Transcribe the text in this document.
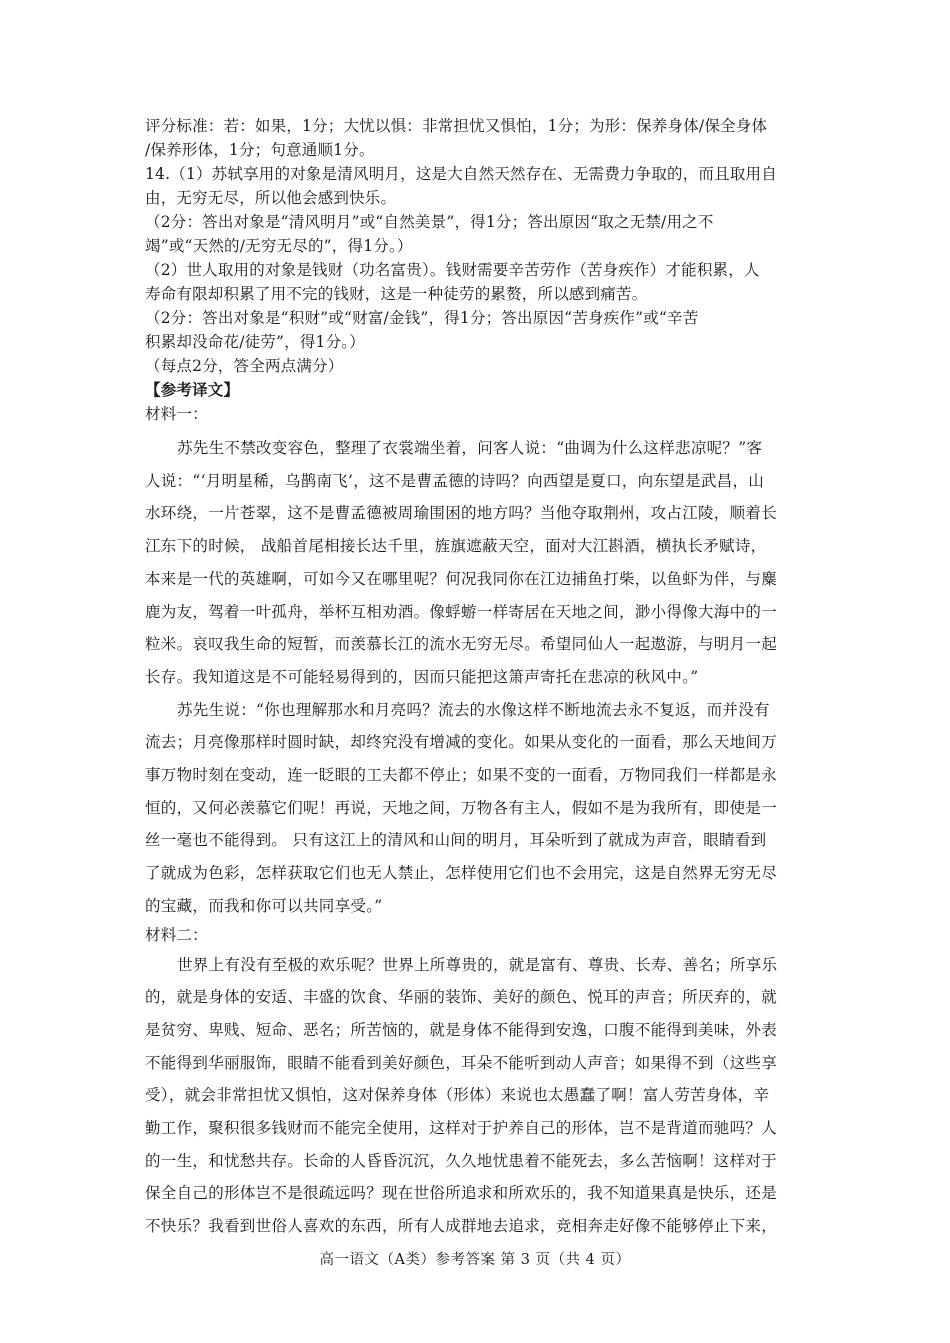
评分标准：若：如果，1分；大忧以惧：非常担忧又惧怕，1分；为形：保养身体/保全身体
/保养形体，1分；句意通顺1分。
14.（1）苏轼享用的对象是清风明月，这是大自然天然存在、无需费力争取的，而且取用自
由，无穷无尽，所以他会感到快乐。
（2分：答出对象是“清风明月”或“自然美景”，得1分；答出原因“取之无禁/用之不
竭”或“天然的/无穷无尽的”，得1分。）
（2）世人取用的对象是钱财（功名富贵）。钱财需要辛苦劳作（苦身疾作）才能积累，人
寿命有限却积累了用不完的钱财，这是一种徒劳的累赘，所以感到痛苦。
（2分：答出对象是“积财”或“财富/金钱”，得1分；答出原因“苦身疾作”或“辛苦
积累却没命花/徒劳”，得1分。）
（每点2分，答全两点满分）
【参考译文】
材料一：
苏先生不禁改变容色，整理了衣裳端坐着，问客人说：“曲调为什么这样悲凉呢？”客
人说：“‘月明星稀，乌鹊南飞’，这不是曹孟德的诗吗？向西望是夏口，向东望是武昌，山
水环绕，一片苍翠，这不是曹孟德被周瑜围困的地方吗？当他夺取荆州，攻占江陵，顺着长
江东下的时候， 战船首尾相接长达千里，旌旗遮蔽天空，面对大江斟酒，横执长矛赋诗，
本来是一代的英雄啊，可如今又在哪里呢？何况我同你在江边捕鱼打柴，以鱼虾为伴，与麋
鹿为友，驾着一叶孤舟，举杯互相劝酒。像蜉蝣一样寄居在天地之间，渺小得像大海中的一
粒米。哀叹我生命的短暂，而羡慕长江的流水无穷无尽。希望同仙人一起遨游，与明月一起
长存。我知道这是不可能轻易得到的，因而只能把这箫声寄托在悲凉的秋风中。”
苏先生说：“你也理解那水和月亮吗？流去的水像这样不断地流去永不复返，而并没有
流去；月亮像那样时圆时缺，却终究没有增减的变化。如果从变化的一面看，那么天地间万
事万物时刻在变动，连一眨眼的工夫都不停止；如果不变的一面看，万物同我们一样都是永
恒的，又何必羡慕它们呢！再说，天地之间，万物各有主人，假如不是为我所有，即使是一
丝一毫也不能得到。 只有这江上的清风和山间的明月，耳朵听到了就成为声音，眼睛看到
了就成为色彩，怎样获取它们也无人禁止，怎样使用它们也不会用完，这是自然界无穷无尽
的宝藏，而我和你可以共同享受。”
材料二：
世界上有没有至极的欢乐呢？世界上所尊贵的，就是富有、尊贵、长寿、善名；所享乐
的，就是身体的安适、丰盛的饮食、华丽的装饰、美好的颜色、悦耳的声音；所厌弃的，就
是贫穷、卑贱、短命、恶名；所苦恼的，就是身体不能得到安逸，口腹不能得到美味，外表
不能得到华丽服饰，眼睛不能看到美好颜色，耳朵不能听到动人声音；如果得不到（这些享
受），就会非常担忧又惧怕，这对保养身体（形体）来说也太愚蠢了啊！富人劳苦身体，辛
勤工作，聚积很多钱财而不能完全使用，这样对于护养自己的形体，岂不是背道而驰吗？人
的一生，和忧愁共存。长命的人昏昏沉沉，久久地忧患着不能死去，多么苦恼啊！这样对于
保全自己的形体岂不是很疏远吗？现在世俗所追求和所欢乐的，我不知道果真是快乐，还是
不快乐？我看到世俗人喜欢的东西，所有人成群地去追求，竞相奔走好像不能够停止下来，
高一语文（A类）参考答案 第 3 页（共 4 页）
